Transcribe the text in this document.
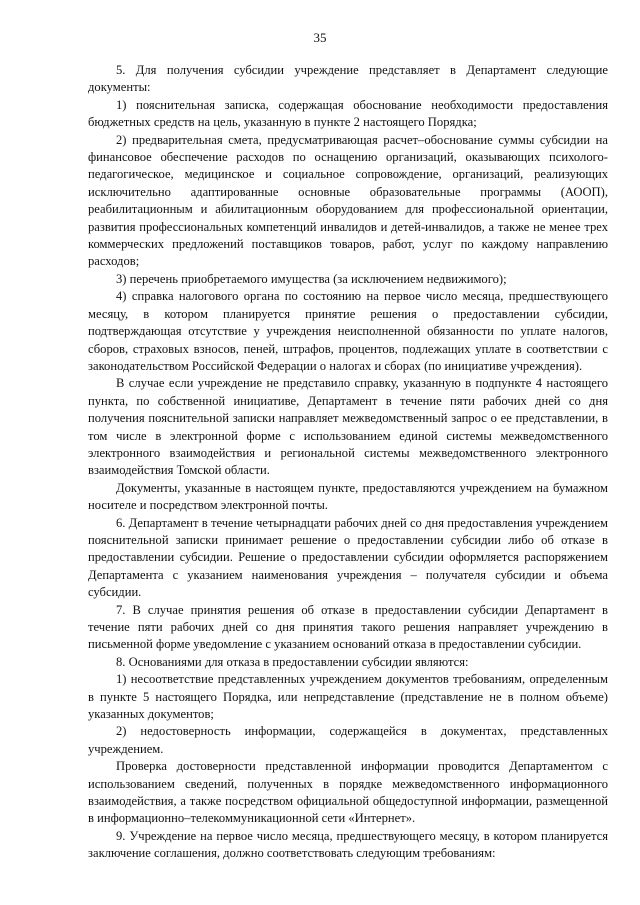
35

5. Для получения субсидии учреждение представляет в Департамент следующие документы:

1) пояснительная записка, содержащая обоснование необходимости предоставления бюджетных средств на цель, указанную в пункте 2 настоящего Порядка;

2) предварительная смета, предусматривающая расчет–обоснование суммы субсидии на финансовое обеспечение расходов по оснащению организаций, оказывающих психолого-педагогическое, медицинское и социальное сопровождение, организаций, реализующих исключительно адаптированные основные образовательные программы (АООП), реабилитационным и абилитационным оборудованием для профессиональной ориентации, развития профессиональных компетенций инвалидов и детей-инвалидов, а также не менее трех коммерческих предложений поставщиков товаров, работ, услуг по каждому направлению расходов;

3) перечень приобретаемого имущества (за исключением недвижимого);

4) справка налогового органа по состоянию на первое число месяца, предшествующего месяцу, в котором планируется принятие решения о предоставлении субсидии, подтверждающая отсутствие у учреждения неисполненной обязанности по уплате налогов, сборов, страховых взносов, пеней, штрафов, процентов, подлежащих уплате в соответствии с законодательством Российской Федерации о налогах и сборах (по инициативе учреждения).

В случае если учреждение не представило справку, указанную в подпункте 4 настоящего пункта, по собственной инициативе, Департамент в течение пяти рабочих дней со дня получения пояснительной записки направляет межведомственный запрос о ее представлении, в том числе в электронной форме с использованием единой системы межведомственного электронного взаимодействия и региональной системы межведомственного электронного взаимодействия Томской области.

Документы, указанные в настоящем пункте, предоставляются учреждением на бумажном носителе и посредством электронной почты.

6. Департамент в течение четырнадцати рабочих дней со дня предоставления учреждением пояснительной записки принимает решение о предоставлении субсидии либо об отказе в предоставлении субсидии. Решение о предоставлении субсидии оформляется распоряжением Департамента с указанием наименования учреждения – получателя субсидии и объема субсидии.

7. В случае принятия решения об отказе в предоставлении субсидии Департамент в течение пяти рабочих дней со дня принятия такого решения направляет учреждению в письменной форме уведомление с указанием оснований отказа в предоставлении субсидии.

8. Основаниями для отказа в предоставлении субсидии являются:

1) несоответствие представленных учреждением документов требованиям, определенным в пункте 5 настоящего Порядка, или непредставление (представление не в полном объеме) указанных документов;

2) недостоверность информации, содержащейся в документах, представленных учреждением.

Проверка достоверности представленной информации проводится Департаментом с использованием сведений, полученных в порядке межведомственного информационного взаимодействия, а также посредством официальной общедоступной информации, размещенной в информационно–телекоммуникационной сети «Интернет».

9. Учреждение на первое число месяца, предшествующего месяцу, в котором планируется заключение соглашения, должно соответствовать следующим требованиям:
